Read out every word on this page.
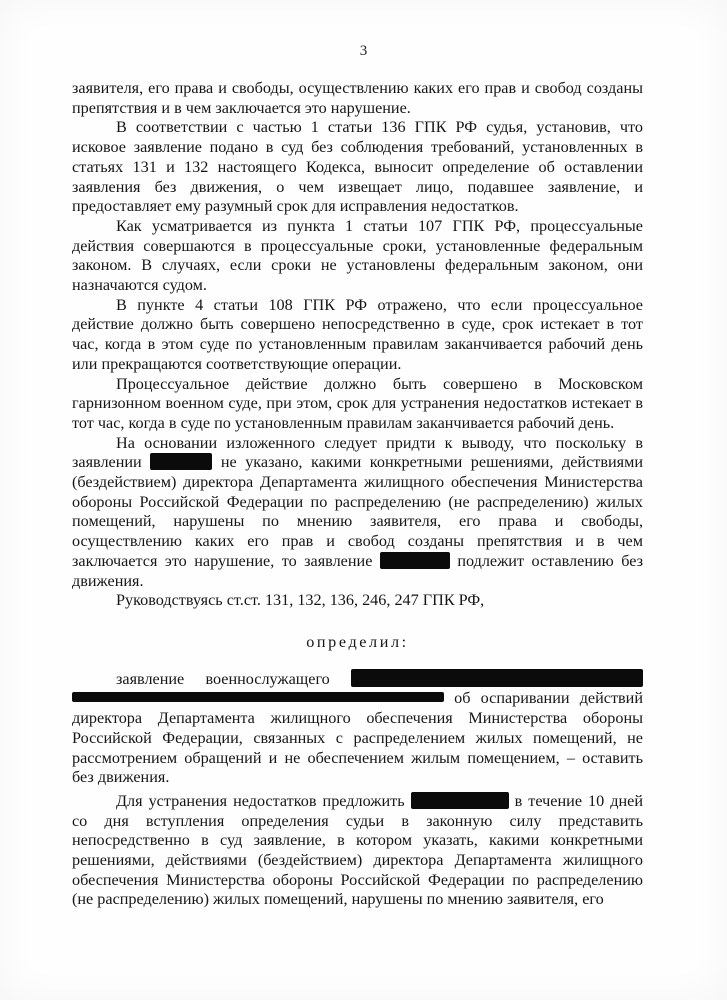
3

заявителя, его права и свободы, осуществлению каких его прав и свобод созданы препятствия и в чем заключается это нарушение.

В соответствии с частью 1 статьи 136 ГПК РФ судья, установив, что исковое заявление подано в суд без соблюдения требований, установленных в статьях 131 и 132 настоящего Кодекса, выносит определение об оставлении заявления без движения, о чем извещает лицо, подавшее заявление, и предоставляет ему разумный срок для исправления недостатков.

Как усматривается из пункта 1 статьи 107 ГПК РФ, процессуальные действия совершаются в процессуальные сроки, установленные федеральным законом. В случаях, если сроки не установлены федеральным законом, они назначаются судом.

В пункте 4 статьи 108 ГПК РФ отражено, что если процессуальное действие должно быть совершено непосредственно в суде, срок истекает в тот час, когда в этом суде по установленным правилам заканчивается рабочий день или прекращаются соответствующие операции.

Процессуальное действие должно быть совершено в Московском гарнизонном военном суде, при этом, срок для устранения недостатков истекает в тот час, когда в суде по установленным правилам заканчивается рабочий день.

На основании изложенного следует придти к выводу, что поскольку в заявлении	не указано, какими конкретными решениями, действиями (бездействием) директора Департамента жилищного обеспечения Министерства обороны Российской Федерации по распределению (не распределению) жилых помещений, нарушены по мнению заявителя, его права и свободы, осуществлению каких его прав и свобод созданы препятствия и в чем заключается это нарушение, то заявление	подлежит оставлению без движения.

Руководствуясь ст.ст. 131, 132, 136, 246, 247 ГПК РФ,

определил:

заявление военнослужащего   об оспаривании действий директора Департамента жилищного обеспечения Министерства обороны Российской Федерации, связанных с распределением жилых помещений, не рассмотрением обращений и не обеспечением жилым помещением, – оставить без движения.

Для устранения недостатков предложить	в течение 10 дней со дня вступления определения судьи в законную силу представить непосредственно в суд заявление, в котором указать, какими конкретными решениями, действиями (бездействием) директора Департамента жилищного обеспечения Министерства обороны Российской Федерации по распределению (не распределению) жилых помещений, нарушены по мнению заявителя, его
